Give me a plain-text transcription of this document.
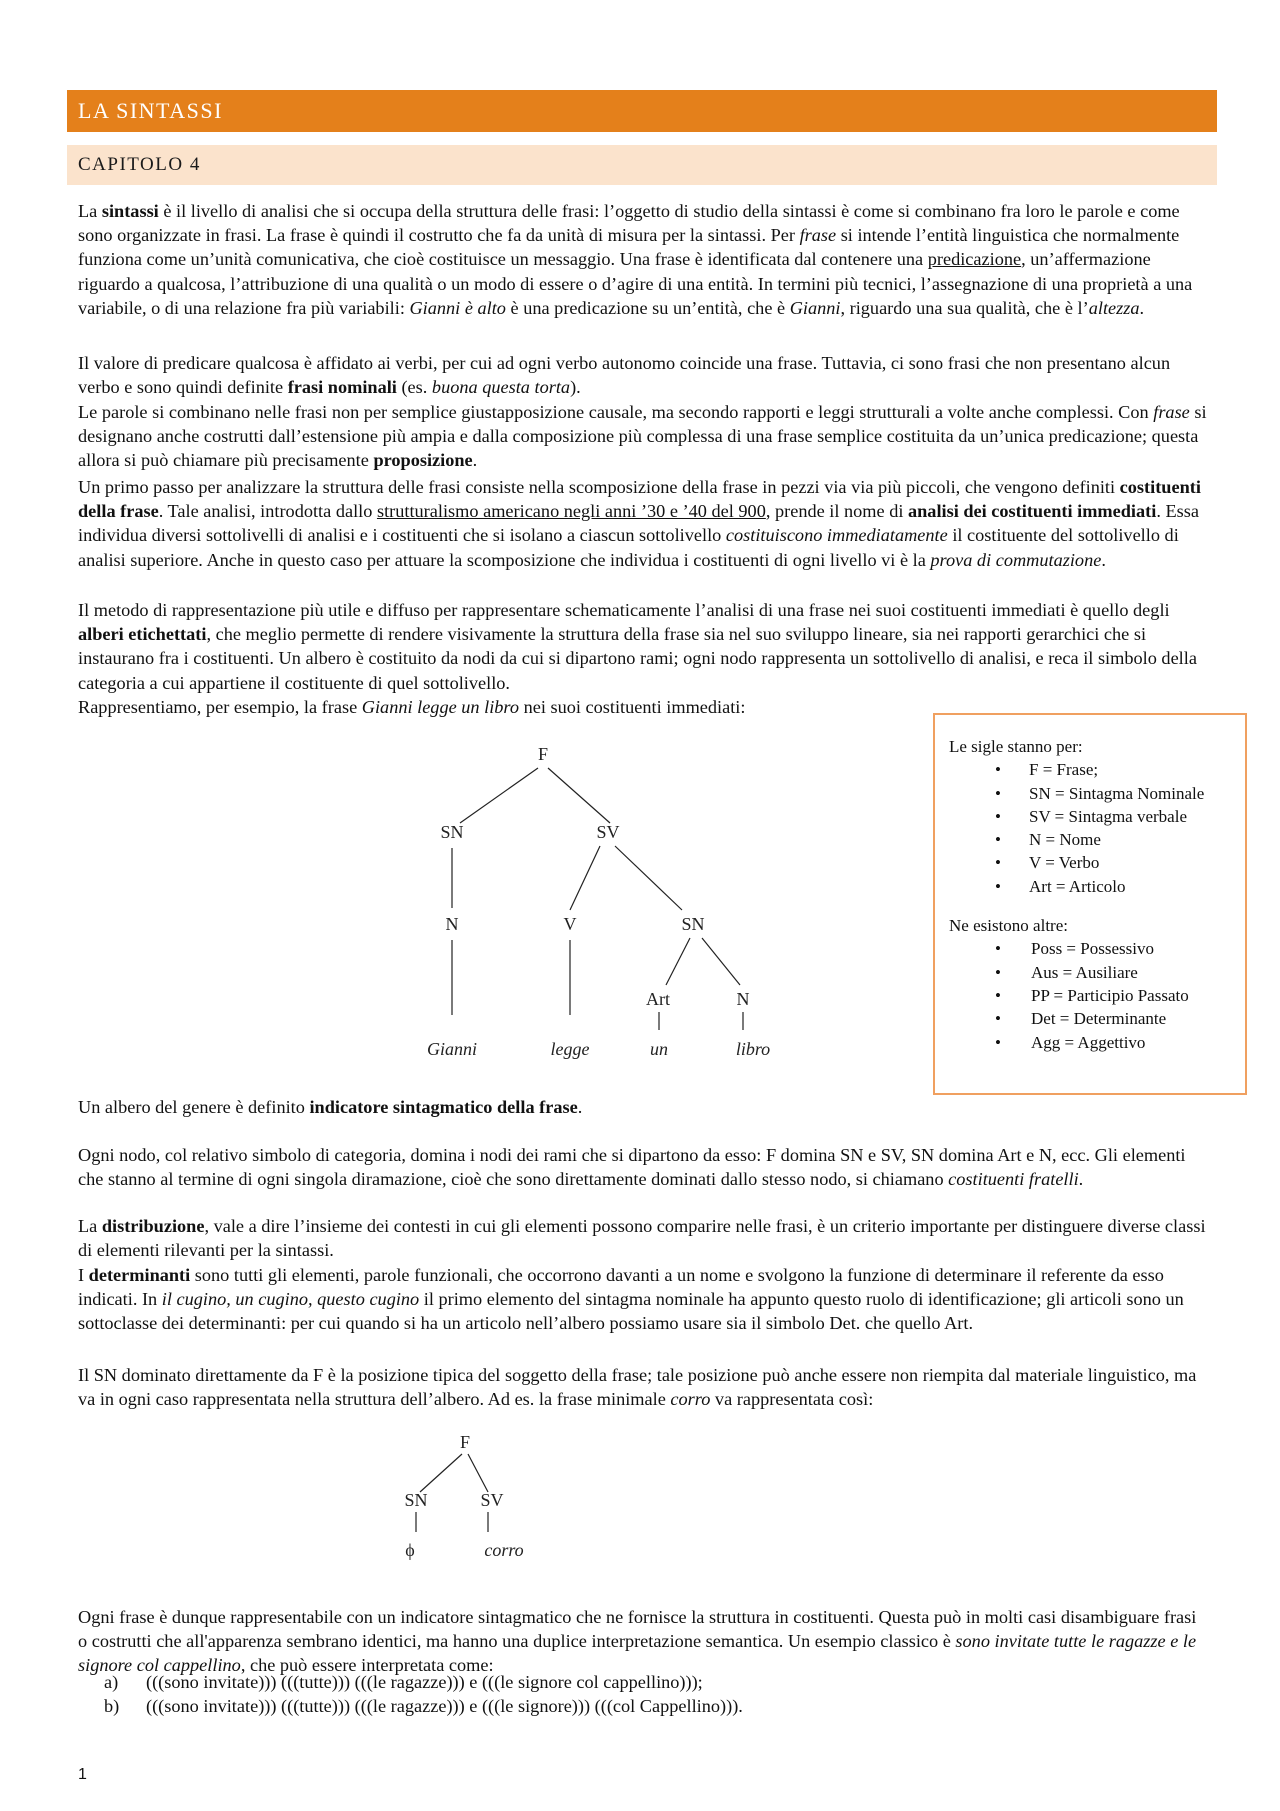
LA SINTASSI
CAPITOLO 4

La sintassi è il livello di analisi che si occupa della struttura delle frasi: l’oggetto di studio della sintassi è come si combinano fra loro le parole e come sono organizzate in frasi. La frase è quindi il costrutto che fa da unità di misura per la sintassi. Per frase si intende l’entità linguistica che normalmente funziona come un’unità comunicativa, che cioè costituisce un messaggio. Una frase è identificata dal contenere una predicazione, un’affermazione riguardo a qualcosa, l’attribuzione di una qualità o un modo di essere o d’agire di una entità. In termini più tecnici, l’assegnazione di una proprietà a una variabile, o di una relazione fra più variabili: Gianni è alto è una predicazione su un’entità, che è Gianni, riguardo una sua qualità, che è l’altezza.

Il valore di predicare qualcosa è affidato ai verbi, per cui ad ogni verbo autonomo coincide una frase. Tuttavia, ci sono frasi che non presentano alcun verbo e sono quindi definite frasi nominali (es. buona questa torta).

Le parole si combinano nelle frasi non per semplice giustapposizione causale, ma secondo rapporti e leggi strutturali a volte anche complessi. Con frase si designano anche costrutti dall’estensione più ampia e dalla composizione più complessa di una frase semplice costituita da un’unica predicazione; questa allora si può chiamare più precisamente proposizione.

Un primo passo per analizzare la struttura delle frasi consiste nella scomposizione della frase in pezzi via via più piccoli, che vengono definiti costituenti della frase. Tale analisi, introdotta dallo strutturalismo americano negli anni ’30 e ’40 del 900, prende il nome di analisi dei costituenti immediati. Essa individua diversi sottolivelli di analisi e i costituenti che si isolano a ciascun sottolivello costituiscono immediatamente il costituente del sottolivello di analisi superiore. Anche in questo caso per attuare la scomposizione che individua i costituenti di ogni livello vi è la prova di commutazione.

Il metodo di rappresentazione più utile e diffuso per rappresentare schematicamente l’analisi di una frase nei suoi costituenti immediati è quello degli alberi etichettati, che meglio permette di rendere visivamente la struttura della frase sia nel suo sviluppo lineare, sia nei rapporti gerarchici che si instaurano fra i costituenti. Un albero è costituito da nodi da cui si dipartono rami; ogni nodo rappresenta un sottolivello di analisi, e reca il simbolo della categoria a cui appartiene il costituente di quel sottolivello.
Rappresentiamo, per esempio, la frase Gianni legge un libro nei suoi costituenti immediati:

F
SN	SV
N	V	SN
Art	N
Gianni	legge	un	libro
Le sigle stanno per:
• F = Frase;
• SN = Sintagma Nominale
• SV = Sintagma verbale
• N = Nome
• V = Verbo
• Art = Articolo
Ne esistono altre:
• Poss = Possessivo
• Aus = Ausiliare
• PP = Participio Passato
• Det = Determinante
• Agg = Aggettivo

Un albero del genere è definito indicatore sintagmatico della frase.

Ogni nodo, col relativo simbolo di categoria, domina i nodi dei rami che si dipartono da esso: F domina SN e SV, SN domina Art e N, ecc. Gli elementi che stanno al termine di ogni singola diramazione, cioè che sono direttamente dominati dallo stesso nodo, si chiamano costituenti fratelli.

La distribuzione, vale a dire l’insieme dei contesti in cui gli elementi possono comparire nelle frasi, è un criterio importante per distinguere diverse classi di elementi rilevanti per la sintassi.

I determinanti sono tutti gli elementi, parole funzionali, che occorrono davanti a un nome e svolgono la funzione di determinare il referente da esso indicati. In il cugino, un cugino, questo cugino il primo elemento del sintagma nominale ha appunto questo ruolo di identificazione; gli articoli sono un sottoclasse dei determinanti: per cui quando si ha un articolo nell’albero possiamo usare sia il simbolo Det. che quello Art.

Il SN dominato direttamente da F è la posizione tipica del soggetto della frase; tale posizione può anche essere non riempita dal materiale linguistico, ma va in ogni caso rappresentata nella struttura dell’albero. Ad es. la frase minimale corro va rappresentata così:

F
SN	SV
ϕ	corro

Ogni frase è dunque rappresentabile con un indicatore sintagmatico che ne fornisce la struttura in costituenti. Questa può in molti casi disambiguare frasi o costrutti che all'apparenza sembrano identici, ma hanno una duplice interpretazione semantica. Un esempio classico è sono invitate tutte le ragazze e le signore col cappellino, che può essere interpretata come:

a) (((sono invitate))) (((tutte))) (((le ragazze))) e (((le signore col cappellino)));
b) (((sono invitate))) (((tutte))) (((le ragazze))) e (((le signore))) (((col Cappellino))).
1
